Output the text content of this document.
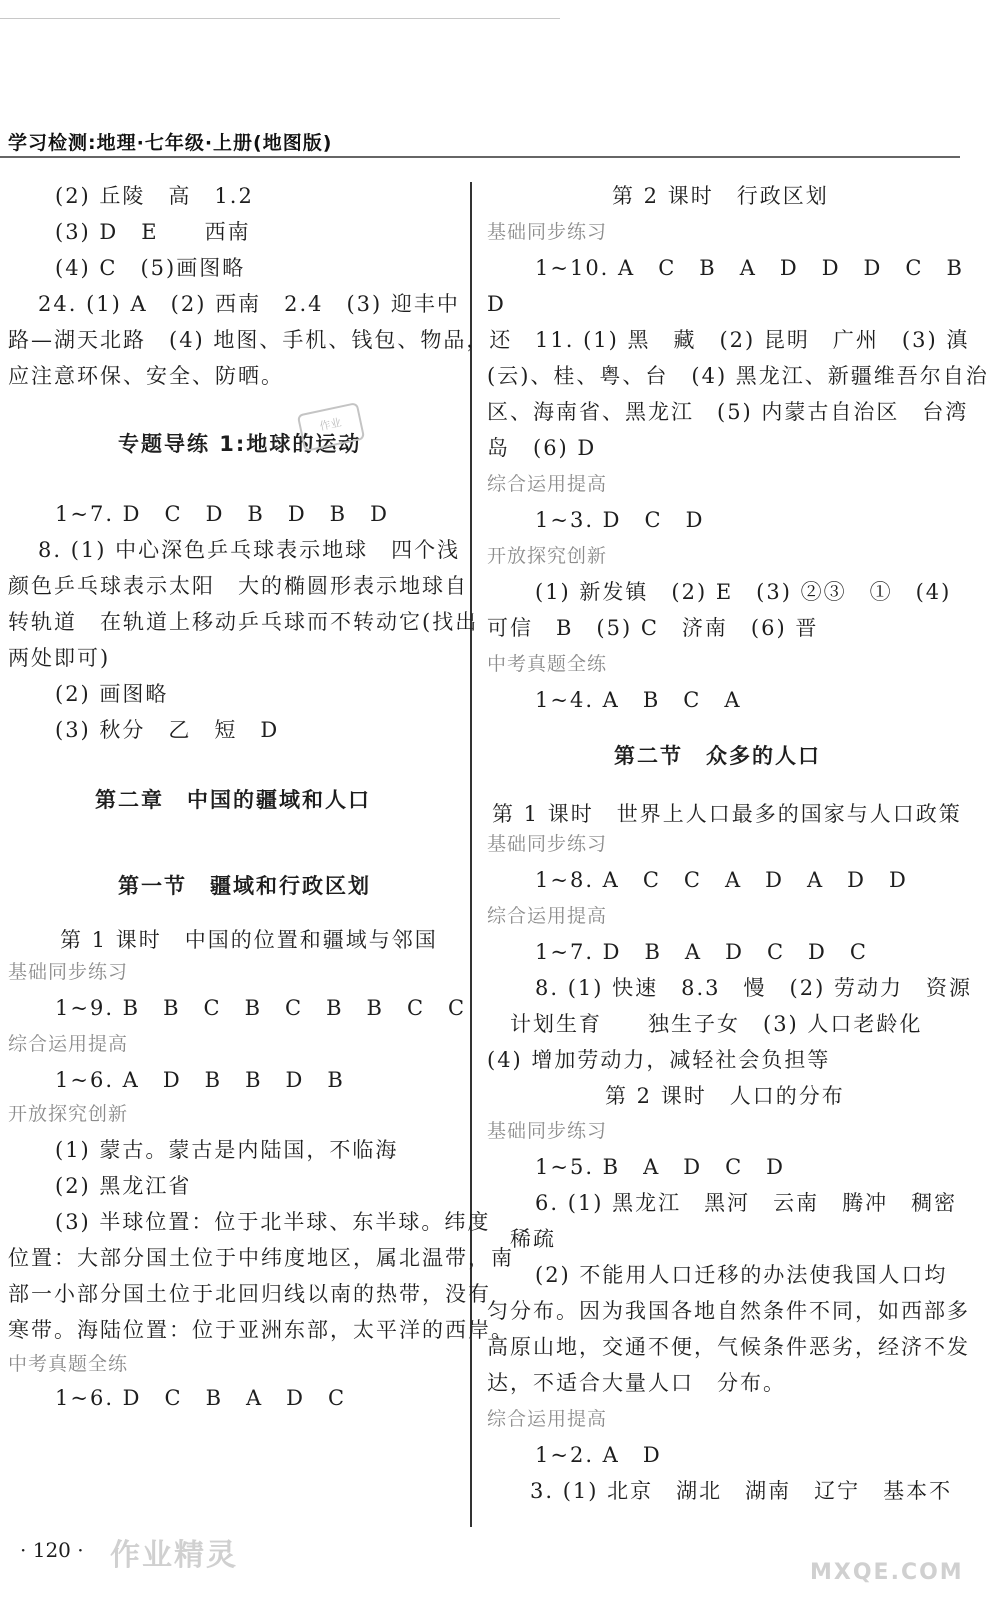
学习检测:地理·七年级·上册(地图版)
(2) 丘陵　高　1.2
(3) D　E　　西南
(4) C　(5)画图略
24. (1) A　(2) 西南　2.4　(3) 迎丰中
路—湖天北路　(4) 地图、手机、钱包、物品，还
应注意环保、安全、防晒。
专题导练 1:地球的运动
1~7. D　C　D　B　D　B　D
8. (1) 中心深色乒乓球表示地球　四个浅
颜色乒乓球表示太阳　大的椭圆形表示地球自
转轨道　在轨道上移动乒乓球而不转动它(找出
两处即可)
(2) 画图略
(3) 秋分　乙　短　D
第二章　中国的疆域和人口
第一节　疆域和行政区划
第 1 课时　中国的位置和疆域与邻国
基础同步练习
1~9. B　B　C　B　C　B　B　C　C
综合运用提高
1~6. A　D　B　B　D　B
开放探究创新
(1) 蒙古。蒙古是内陆国，不临海
(2) 黑龙江省
(3) 半球位置：位于北半球、东半球。纬度
位置：大部分国土位于中纬度地区，属北温带，南
部一小部分国土位于北回归线以南的热带，没有
寒带。海陆位置：位于亚洲东部，太平洋的西岸。
中考真题全练
1~6. D　C　B　A　D　C
第 2 课时　行政区划
基础同步练习
1~10. A　C　B　A　D　D　D　C　B
D
11. (1) 黑　藏　(2) 昆明　广州　(3) 滇
(云)、桂、粤、台　(4) 黑龙江、新疆维吾尔自治
区、海南省、黑龙江　(5) 内蒙古自治区　台湾
岛　(6) D
综合运用提高
1~3. D　C　D
开放探究创新
(1) 新发镇　(2) E　(3) ②③　①　(4)
可信　B　(5) C　济南　(6) 晋
中考真题全练
1~4. A　B　C　A
第二节　众多的人口
第 1 课时　世界上人口最多的国家与人口政策
基础同步练习
1~8. A　C　C　A　D　A　D　D
综合运用提高
1~7. D　B　A　D　C　D　C
8. (1) 快速　8.3　慢　(2) 劳动力　资源
计划生育　　独生子女　(3) 人口老龄化
(4) 增加劳动力，减轻社会负担等
第 2 课时　人口的分布
基础同步练习
1~5. B　A　D　C　D
6. (1) 黑龙江　黑河　云南　腾冲　稠密
稀疏
(2) 不能用人口迁移的办法使我国人口均
匀分布。因为我国各地自然条件不同，如西部多
高原山地，交通不便，气候条件恶劣，经济不发
达，不适合大量人口　分布。
综合运用提高
1~2. A　D
3. (1) 北京　湖北　湖南　辽宁　基本不
作业
· 120 · 作业精灵	MXQE.COM
